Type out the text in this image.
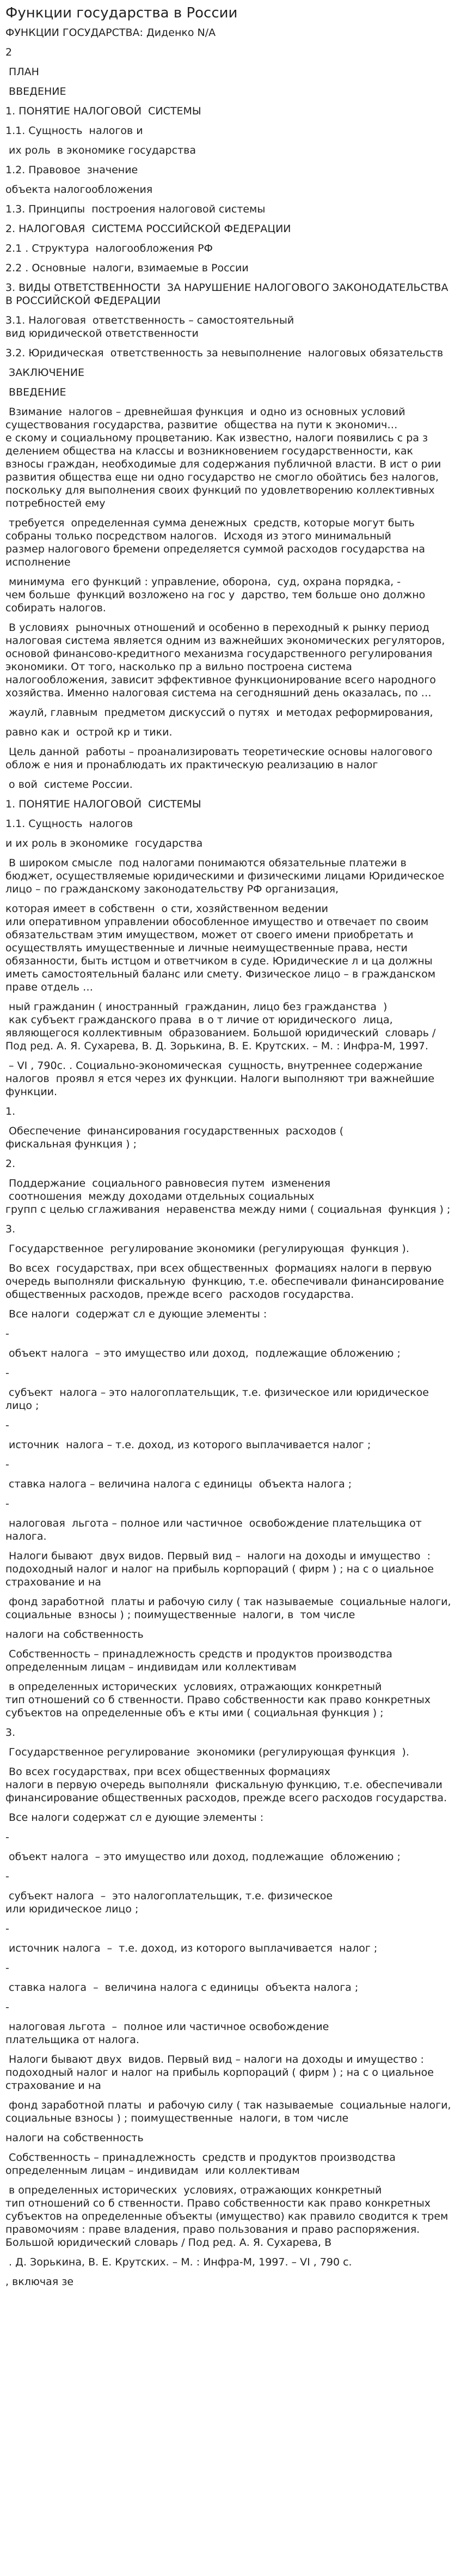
Функции государства в России
ФУНКЦИИ ГОСУДАРСТВА: Диденко N/A
2
ПЛАН
ВВЕДЕНИЕ
1. ПОНЯТИЕ НАЛОГОВОЙ  СИСТЕМЫ
1.1. Сущность  налогов и
их роль  в экономике государства
1.2. Правовое  значение
объекта налогообложения
1.3. Принципы  построения налоговой системы
2. НАЛОГОВАЯ  СИСТЕМА РОССИЙСКОЙ ФЕДЕРАЦИИ
2.1 . Структура  налогообложения РФ
2.2 . Основные  налоги, взимаемые в России
3. ВИДЫ ОТВЕТСТВЕННОСТИ  ЗА НАРУШЕНИЕ НАЛОГОВОГО ЗАКОНОДАТЕЛЬСТВА В РОССИЙСКОЙ ФЕДЕРАЦИИ
3.1. Налоговая  ответственность – самостоятельный
вид юридической ответственности
3.2. Юридическая  ответственность за невыполнение  налоговых обязательств
ЗАКЛЮЧЕНИЕ
ВВЕДЕНИЕ
Взимание  налогов – древнейшая функция  и одно из основных условий существования государства, развитие  общества на пути к экономич…
е скому и социальному процветанию. Как известно, налоги появились с ра з делением общества на классы и возникновением государственности, как взносы граждан, необходимые для содержания публичной власти. В ист о рии развития общества еще ни одно государство не смогло обойтись без налогов, поскольку для выполнения своих функций по удовлетворению коллективных потребностей ему
требуется  определенная сумма денежных  средств, которые могут быть собраны только посредством налогов.  Исходя из этого минимальный
размер налогового бремени определяется суммой расходов государства на исполнение
минимума  его функций : управление, оборона,  суд, охрана порядка, -
чем больше  функций возложено на гос у  дарство, тем больше оно должно собирать налогов.
В условиях  рыночных отношений и особенно в переходный к рынку период налоговая система является одним из важнейших экономических регуляторов, основой финансово-кредитного механизма государственного регулирования экономики. От того, насколько пр а вильно построена система налогообложения, зависит эффективное функционирование всего народного хозяйства. Именно налоговая система на сегодняшний день оказалась, по …
жаулй, главным  предметом дискуссий о путях  и методах реформирования,
равно как и  острой кр и тики.
Цель данной  работы – проанализировать теоретические основы налогового облож е ния и пронаблюдать их практическую реализацию в налог
о вой  системе России.
1. ПОНЯТИЕ НАЛОГОВОЙ  СИСТЕМЫ
1.1. Сущность  налогов
и их роль в экономике  государства
В широком смысле  под налогами понимаются обязательные платежи в бюджет, осуществляемые юридическими и физическими лицами Юридическое лицо – по гражданскому законодательству РФ организация,
которая имеет в собственн  о сти, хозяйственном ведении
или оперативном управлении обособленное имущество и отвечает по своим обязательствам этим имуществом, может от своего имени приобретать и осуществлять имущественные и личные неимущественные права, нести обязанности, быть истцом и ответчиком в суде. Юридические л и ца должны иметь самостоятельный баланс или смету. Физическое лицо – в гражданском праве отдель …
ный гражданин ( иностранный  гражданин, лицо без гражданства  )
как субъект гражданского права  в о т личие от юридического  лица,
являющегося коллективным  образованием. Большой юридический  словарь / Под ред. А. Я. Сухарева, В. Д. Зорькина, В. Е. Крутских. – М. : Инфра-М, 1997.
– VI , 790с. . Социально-экономическая  сущность, внутреннее содержание налогов  проявл я ется через их функции. Налоги выполняют три важнейшие функции.
1.
Обеспечение  финансирования государственных  расходов (
фискальная функция ) ;
2.
Поддержание  социального равновесия путем  изменения
соотношения  между доходами отдельных социальных
групп с целью сглаживания  неравенства между ними ( социальная  функция ) ;
3.
Государственное  регулирование экономики (регулирующая  функция ).
Во всех  государствах, при всех общественных  формациях налоги в первую очередь выполняли фискальную  функцию, т.е. обеспечивали финансирование общественных расходов, прежде всего  расходов государства.
Все налоги  содержат сл е дующие элементы :
-
объект налога  – это имущество или доход,  подлежащие обложению ;
-
субъект  налога – это налогоплательщик, т.е. физическое или юридическое лицо ;
-
источник  налога – т.е. доход, из которого выплачивается налог ;
-
ставка налога – величина налога с единицы  объекта налога ;
-
налоговая  льгота – полное или частичное  освобождение плательщика от налога.
Налоги бывают  двух видов. Первый вид –  налоги на доходы и имущество  : подоходный налог и налог на прибыль корпораций ( фирм ) ; на с о циальное страхование и на
фонд заработной  платы и рабочую силу ( так называемые  социальные налоги, социальные  взносы ) ; поимущественные  налоги, в  том числе
налоги на собственность
Собственность – принадлежность средств и продуктов производства определенным лицам – индивидам или коллективам
в определенных исторических  условиях, отражающих конкретный
тип отношений со б ственности. Право собственности как право конкретных субъектов на определенные объ е кты ими ( социальная функция ) ;
3.
Государственное регулирование  экономики (регулирующая функция  ).
Во всех государствах, при всех общественных формациях
налоги в первую очередь выполняли  фискальную функцию, т.е. обеспечивали финансирование общественных расходов, прежде всего расходов государства.
Все налоги содержат сл е дующие элементы :
-
объект налога  – это имущество или доход, подлежащие  обложению ;
-
субъект налога  –  это налогоплательщик, т.е. физическое
или юридическое лицо ;
-
источник налога  –  т.е. доход, из которого выплачивается  налог ;
-
ставка налога  –  величина налога с единицы  объекта налога ;
-
налоговая льгота  –  полное или частичное освобождение
плательщика от налога.
Налоги бывают двух  видов. Первый вид – налоги на доходы и имущество : подоходный налог и налог на прибыль корпораций ( фирм ) ; на с о циальное страхование и на
фонд заработной платы  и рабочую силу ( так называемые  социальные налоги, социальные взносы ) ; поимущественные  налоги, в том числе
налоги на собственность
Собственность – принадлежность  средств и продуктов производства определенным лицам – индивидам  или коллективам
в определенных исторических  условиях, отражающих конкретный
тип отношений со б ственности. Право собственности как право конкретных субъектов на определенные объекты (имущество) как правило сводится к трем правомочиям : праве владения, право пользования и право распоряжения. Большой юридический словарь / Под ред. А. Я. Сухарева, В
. Д. Зорькина, В. Е. Крутских. – М. : Инфра-М, 1997. – VI , 790 с.
, включая зе
